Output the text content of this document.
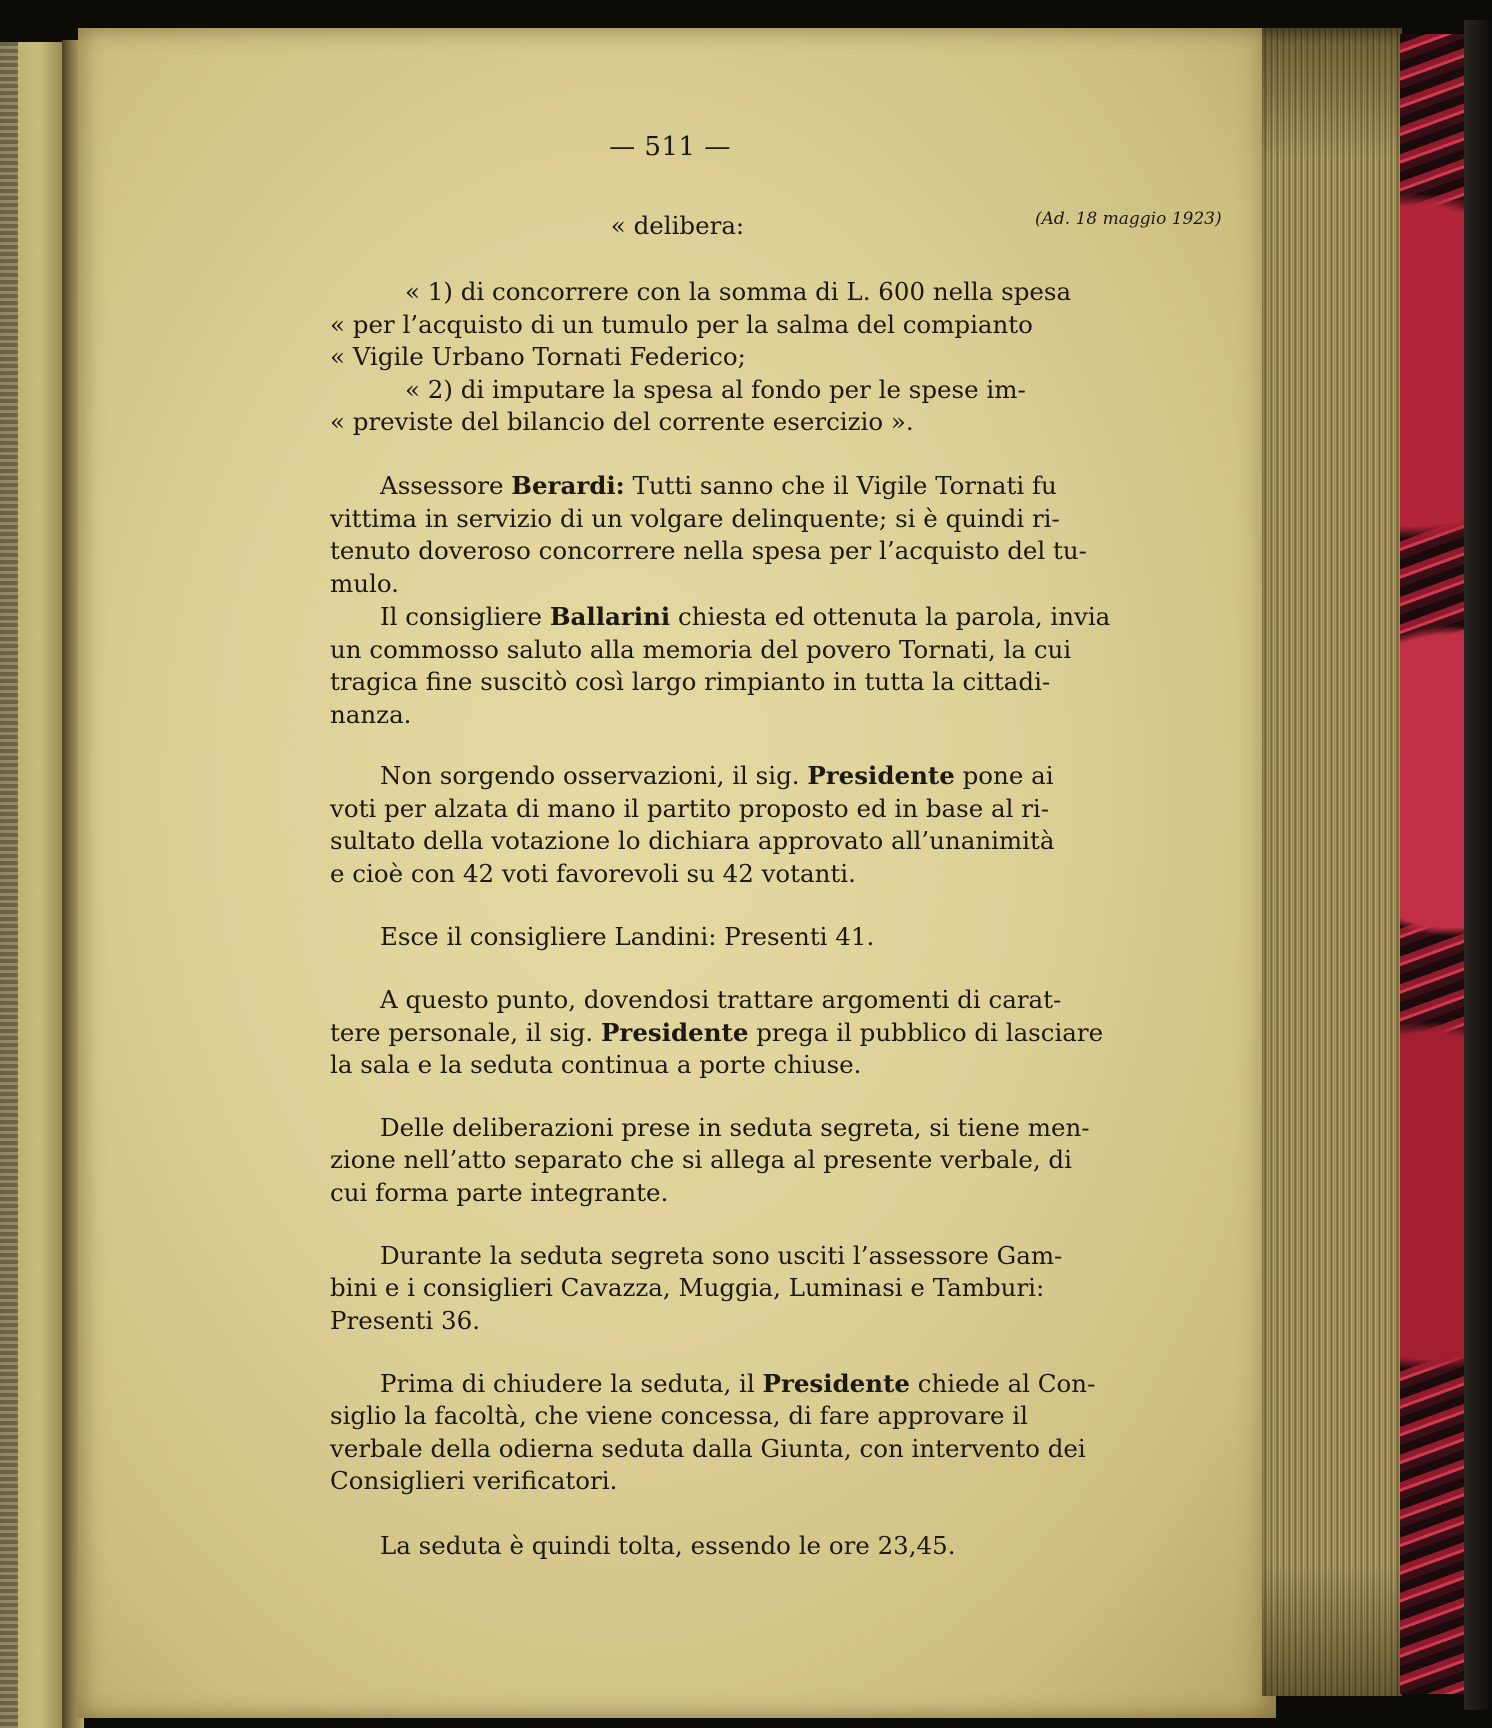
— 511 —
(Ad. 18 maggio 1923)
« delibera:
« 1) di concorrere con la somma di L. 600 nella spesa
« per l’acquisto di un tumulo per la salma del compianto
« Vigile Urbano Tornati Federico;
« 2) di imputare la spesa al fondo per le spese im-
« previste del bilancio del corrente esercizio ».
Assessore Berardi: Tutti sanno che il Vigile Tornati fu
vittima in servizio di un volgare delinquente; si è quindi ri-
tenuto doveroso concorrere nella spesa per l’acquisto del tu-
mulo.
Il consigliere Ballarini chiesta ed ottenuta la parola, invia
un commosso saluto alla memoria del povero Tornati, la cui
tragica fine suscitò così largo rimpianto in tutta la cittadi-
nanza.
Non sorgendo osservazioni, il sig. Presidente pone ai
voti per alzata di mano il partito proposto ed in base al ri-
sultato della votazione lo dichiara approvato all’unanimità
e cioè con 42 voti favorevoli su 42 votanti.
Esce il consigliere Landini: Presenti 41.
A questo punto, dovendosi trattare argomenti di carat-
tere personale, il sig. Presidente prega il pubblico di lasciare
la sala e la seduta continua a porte chiuse.
Delle deliberazioni prese in seduta segreta, si tiene men-
zione nell’atto separato che si allega al presente verbale, di
cui forma parte integrante.
Durante la seduta segreta sono usciti l’assessore Gam-
bini e i consiglieri Cavazza, Muggia, Luminasi e Tamburi:
Presenti 36.
Prima di chiudere la seduta, il Presidente chiede al Con-
siglio la facoltà, che viene concessa, di fare approvare il
verbale della odierna seduta dalla Giunta, con intervento dei
Consiglieri verificatori.
La seduta è quindi tolta, essendo le ore 23,45.
